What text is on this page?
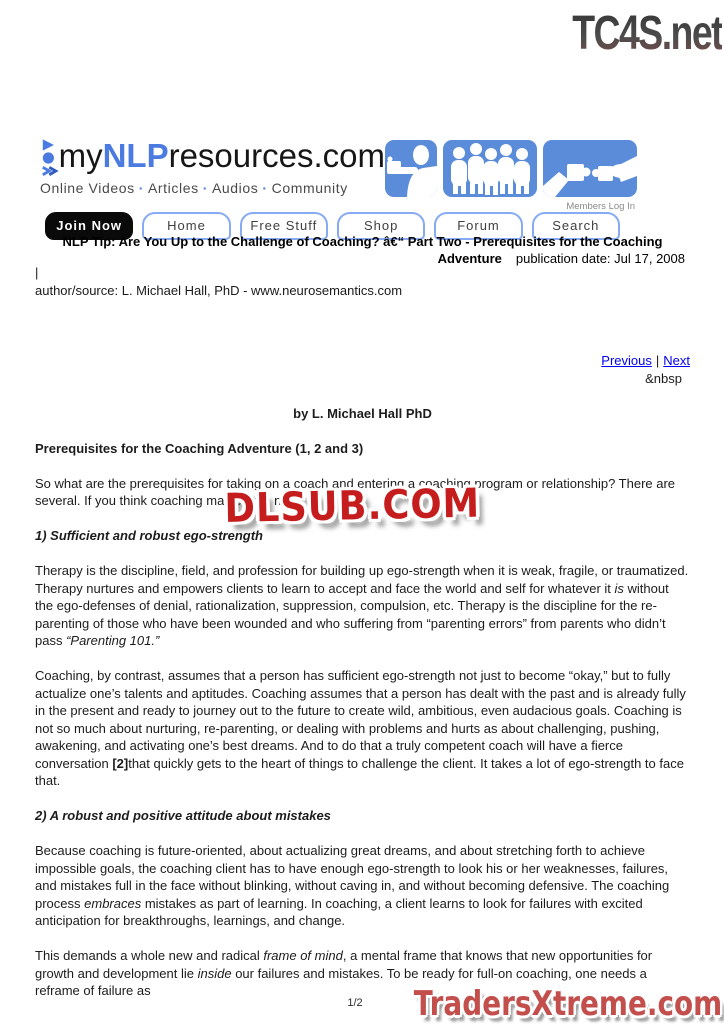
TC4S.net
myNLPresources.com
Online Videos · Articles · Audios · Community
Members Log In
Join Now	Home	Free Stuff	Shop	Forum	Search
NLP Tip: Are You Up to the Challenge of Coaching? â€“ Part Two - Prerequisites for the Coaching
Adventure publication date: Jul 17, 2008
|
author/source: L. Michael Hall, PhD - www.neurosemantics.com
Previous | Next
&nbsp
by L. Michael Hall PhD
Prerequisites for the Coaching Adventure (1, 2 and 3)

So what are the prerequisites for taking on a coach and entering a coaching program or relationship? There are several. If you think coaching may be the ne

1) Sufficient and robust ego-strength

Therapy is the discipline, field, and profession for building up ego-strength when it is weak, fragile, or traumatized. Therapy nurtures and empowers clients to learn to accept and face the world and self for whatever it is without the ego-defenses of denial, rationalization, suppression, compulsion, etc. Therapy is the discipline for the re-parenting of those who have been wounded and who suffering from “parenting errors” from parents who didn’t pass “Parenting 101.”

Coaching, by contrast, assumes that a person has sufficient ego-strength not just to become “okay,” but to fully actualize one’s talents and aptitudes. Coaching assumes that a person has dealt with the past and is already fully in the present and ready to journey out to the future to create wild, ambitious, even audacious goals. Coaching is not so much about nurturing, re-parenting, or dealing with problems and hurts as about challenging, pushing, awakening, and activating one’s best dreams. And to do that a truly competent coach will have a fierce conversation [2]that quickly gets to the heart of things to challenge the client. It takes a lot of ego-strength to face that.

2) A robust and positive attitude about mistakes

Because coaching is future-oriented, about actualizing great dreams, and about stretching forth to achieve impossible goals, the coaching client has to have enough ego-strength to look his or her weaknesses, failures, and mistakes full in the face without blinking, without caving in, and without becoming defensive. The coaching process embraces mistakes as part of learning. In coaching, a client learns to look for failures with excited anticipation for breakthroughs, learnings, and change.

This demands a whole new and radical frame of mind, a mental frame that knows that new opportunities for growth and development lie inside our failures and mistakes. To be ready for full-on coaching, one needs a reframe of failure as

DLSUB.COM
1/2	TradersXtreme.com
